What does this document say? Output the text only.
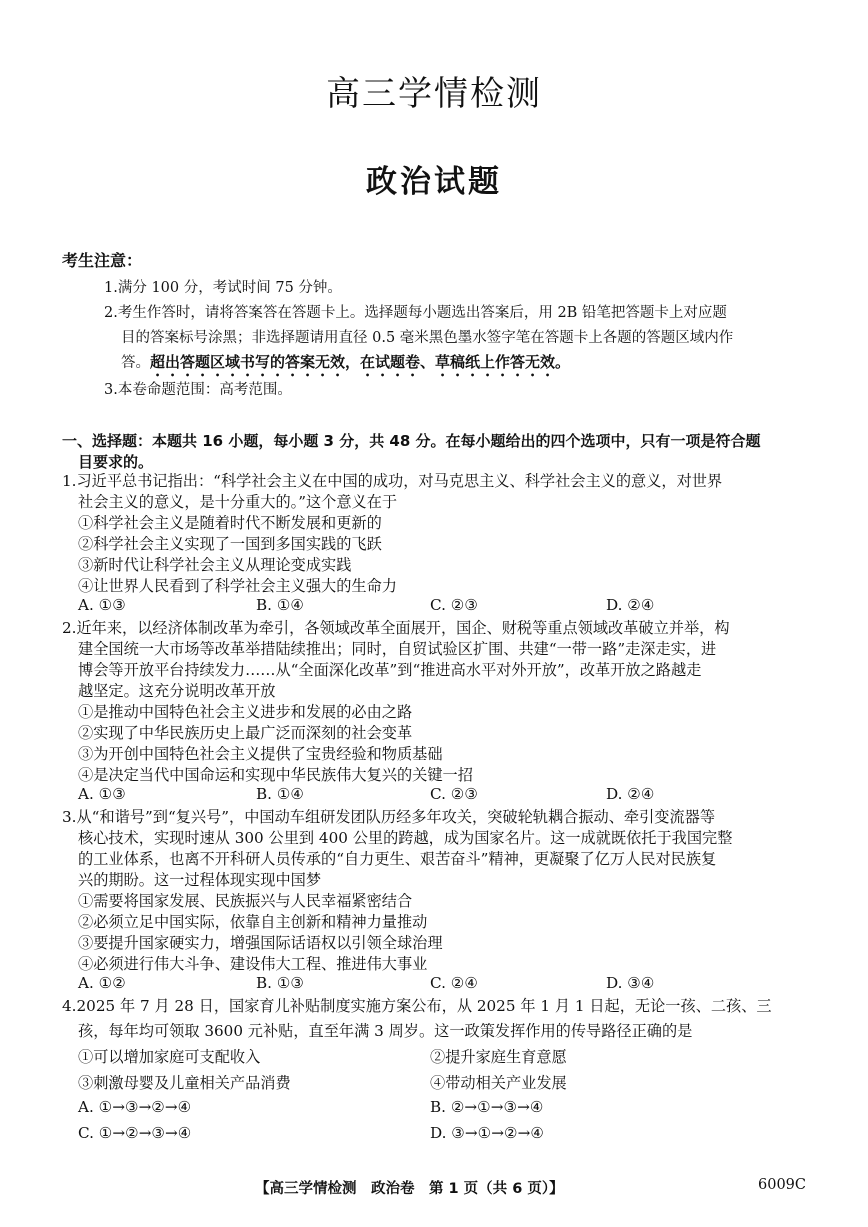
高三学情检测
政治试题
考生注意：
1.满分 100 分，考试时间 75 分钟。
2.考生作答时，请将答案答在答题卡上。选择题每小题选出答案后，用 2B 铅笔把答题卡上对应题
目的答案标号涂黑；非选择题请用直径 0.5 毫米黑色墨水签字笔在答题卡上各题的答题区域内作
答。超出答题区域书写的答案无效，在试题卷、草稿纸上作答无效。
3.本卷命题范围：高考范围。
一、选择题：本题共 16 小题，每小题 3 分，共 48 分。在每小题给出的四个选项中，只有一项是符合题
目要求的。
1.习近平总书记指出：“科学社会主义在中国的成功，对马克思主义、科学社会主义的意义，对世界
社会主义的意义，是十分重大的。”这个意义在于
①科学社会主义是随着时代不断发展和更新的
②科学社会主义实现了一国到多国实践的飞跃
③新时代让科学社会主义从理论变成实践
④让世界人民看到了科学社会主义强大的生命力
A. ①③	B. ①④	C. ②③	D. ②④
2.近年来，以经济体制改革为牵引，各领域改革全面展开，国企、财税等重点领域改革破立并举，构
建全国统一大市场等改革举措陆续推出；同时，自贸试验区扩围、共建“一带一路”走深走实，进
博会等开放平台持续发力……从“全面深化改革”到“推进高水平对外开放”，改革开放之路越走
越坚定。这充分说明改革开放
①是推动中国特色社会主义进步和发展的必由之路
②实现了中华民族历史上最广泛而深刻的社会变革
③为开创中国特色社会主义提供了宝贵经验和物质基础
④是决定当代中国命运和实现中华民族伟大复兴的关键一招
A. ①③	B. ①④	C. ②③	D. ②④
3.从“和谐号”到“复兴号”，中国动车组研发团队历经多年攻关，突破轮轨耦合振动、牵引变流器等
核心技术，实现时速从 300 公里到 400 公里的跨越，成为国家名片。这一成就既依托于我国完整
的工业体系，也离不开科研人员传承的“自力更生、艰苦奋斗”精神，更凝聚了亿万人民对民族复
兴的期盼。这一过程体现实现中国梦
①需要将国家发展、民族振兴与人民幸福紧密结合
②必须立足中国实际，依靠自主创新和精神力量推动
③要提升国家硬实力，增强国际话语权以引领全球治理
④必须进行伟大斗争、建设伟大工程、推进伟大事业
A. ①②	B. ①③	C. ②④	D. ③④
4.2025 年 7 月 28 日，国家育儿补贴制度实施方案公布，从 2025 年 1 月 1 日起，无论一孩、二孩、三
孩，每年均可领取 3600 元补贴，直至年满 3 周岁。这一政策发挥作用的传导路径正确的是
①可以增加家庭可支配收入	②提升家庭生育意愿
③刺激母婴及儿童相关产品消费	④带动相关产业发展
A. ①→③→②→④	B. ②→①→③→④
C. ①→②→③→④	D. ③→①→②→④
【高三学情检测　政治卷　第 1 页（共 6 页）】	6009C
